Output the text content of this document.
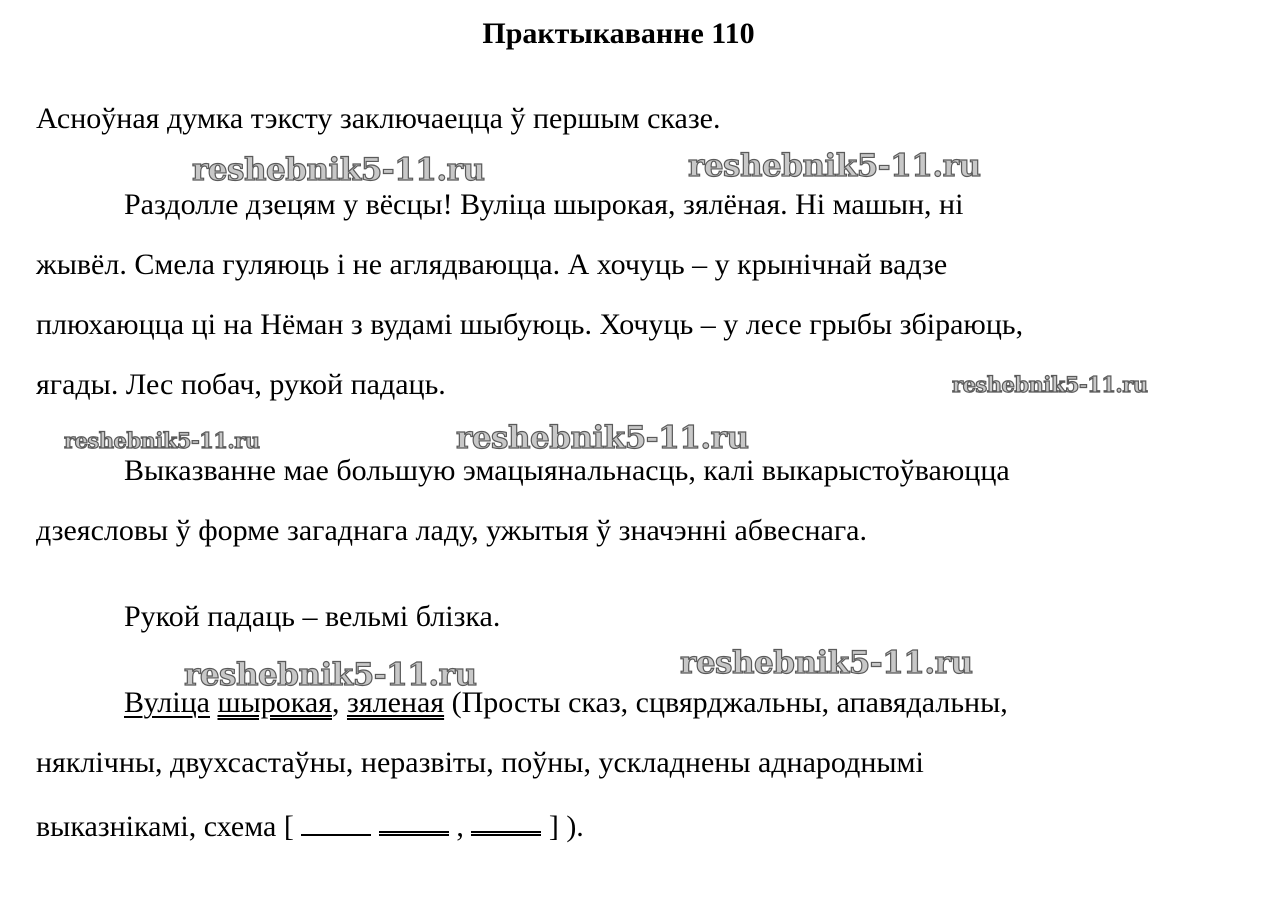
Практыкаванне 110
Асноўная думка тэксту заключаецца ў першым сказе.
Раздолле дзецям у вёсцы! Вуліца шырокая, зялёная. Ні машын, ні
жывёл. Смела гуляюць і не аглядваюцца. А хочуць – у крынічнай вадзе
плюхаюцца ці на Нёман з вудамі шыбуюць. Хочуць – у лесе грыбы збіраюць,
ягады. Лес побач, рукой падаць.
Выказванне мае большую эмацыянальнасць, калі выкарыстоўваюцца
дзеясловы ў форме загаднага ладу, ужытыя ў значэнні абвеснага.
Рукой падаць – вельмі блізка.
Вуліца шырокая, зяленая (Просты сказ, сцвярджальны, апавядальны,
няклічны, двухсастаўны, неразвіты, поўны, ускладнены аднароднымі
выказнікамі, схема [	,  ] ).
reshebnik5-11.ru	reshebnik5-11.ru
reshebnik5-11.ru
reshebnik5-11.ru	reshebnik5-11.ru
reshebnik5-11.ru	reshebnik5-11.ru
